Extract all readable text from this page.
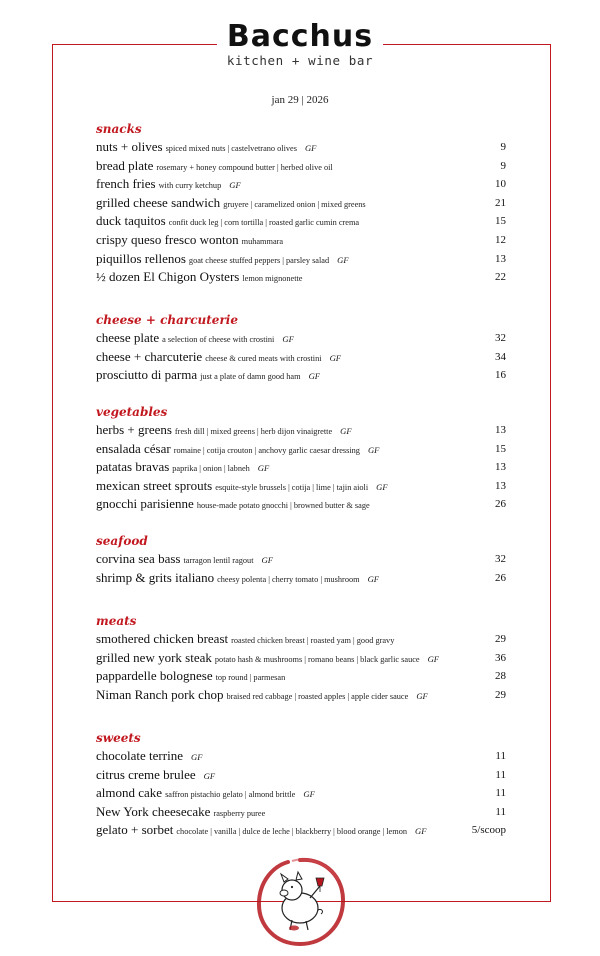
Bacchus
kitchen + wine bar
jan 29 | 2026
snacks
nuts + olives spiced mixed nuts | castelvetrano olives GF	9
bread plate rosemary + honey compound butter | herbed olive oil	9
french fries with curry ketchup GF	10
grilled cheese sandwich gruyere | caramelized onion | mixed greens	21
duck taquitos confit duck leg | corn tortilla | roasted garlic cumin crema	15
crispy queso fresco wonton muhammara	12
piquillos rellenos goat cheese stuffed peppers | parsley salad GF	13
½ dozen El Chigon Oysters lemon mignonette	22
cheese + charcuterie
cheese plate a selection of cheese with crostini GF	32
cheese + charcuterie cheese & cured meats with crostini GF	34
prosciutto di parma just a plate of damn good ham GF	16
vegetables
herbs + greens fresh dill | mixed greens | herb dijon vinaigrette GF	13
ensalada césar romaine | cotija crouton | anchovy garlic caesar dressing GF	15
patatas bravas paprika | onion | labneh GF	13
mexican street sprouts esquite-style brussels | cotija | lime | tajin aioli GF	13
gnocchi parisienne house-made potato gnocchi | browned butter & sage	26
seafood
corvina sea bass tarragon lentil ragout GF	32
shrimp & grits italiano cheesy polenta | cherry tomato | mushroom GF	26
meats
smothered chicken breast roasted chicken breast | roasted yam | good gravy	29
grilled new york steak potato hash & mushrooms | romano beans | black garlic sauce GF	36
pappardelle bolognese top round | parmesan	28
Niman Ranch pork chop braised red cabbage | roasted apples | apple cider sauce GF	29
sweets
chocolate terrine GF	11
citrus creme brulee GF	11
almond cake saffron pistachio gelato | almond brittle GF	11
New York cheesecake raspberry puree	11
gelato + sorbet chocolate | vanilla | dulce de leche | blackberry | blood orange | lemon GF	5/scoop
